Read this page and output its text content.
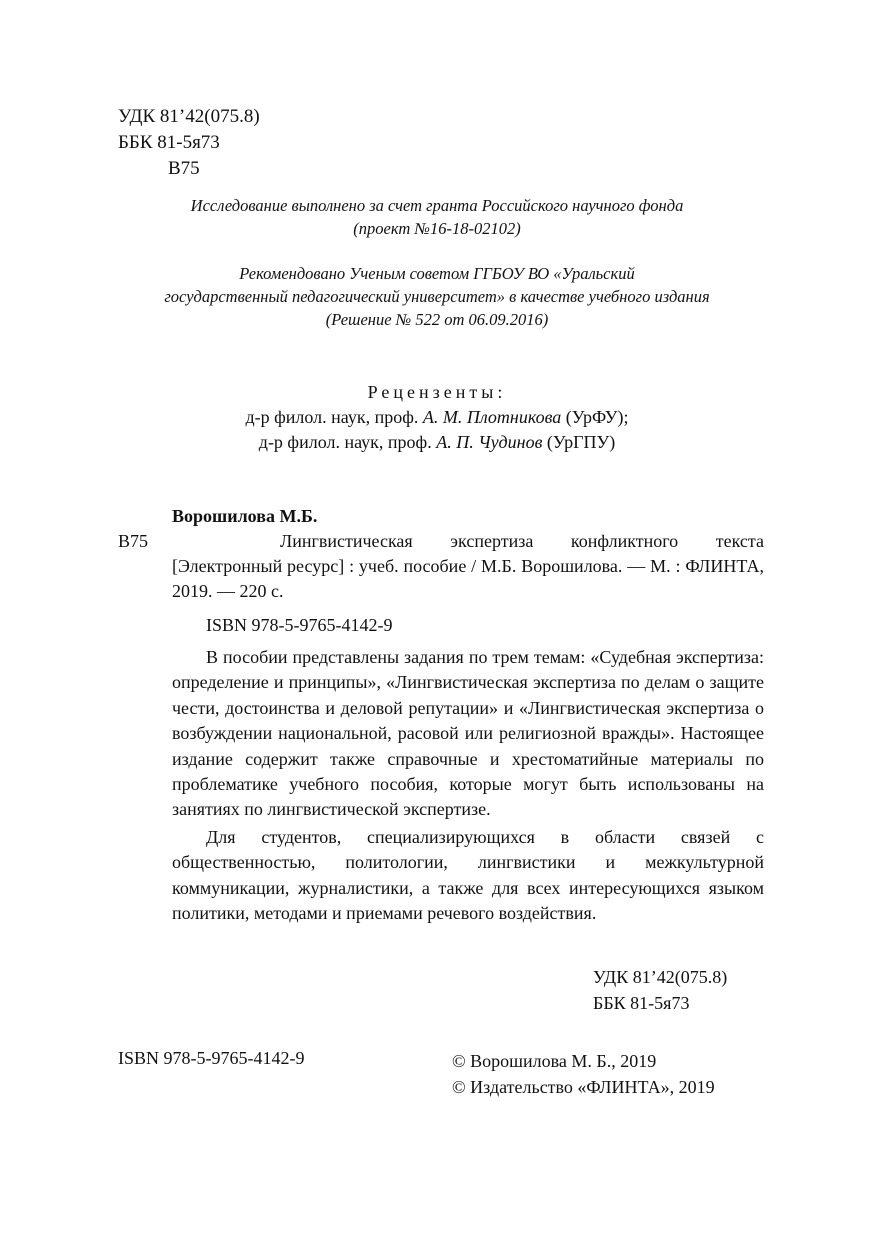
УДК 81’42(075.8)
ББК 81-5я73
В75
Исследование выполнено за счет гранта Российского научного фонда
(проект №16-18-02102)
Рекомендовано Ученым советом ГГБОУ ВО «Уральский
государственный педагогический университет» в качестве учебного издания
(Решение № 522 от 06.09.2016)
Рецензенты:
д-р филол. наук, проф. А. М. Плотникова (УрФУ);
д-р филол. наук, проф. А. П. Чудинов (УрГПУ)
Ворошилова М.Б.
В75	Лингвистическая экспертиза конфликтного текста [Электронный ресурс] : учеб. пособие / М.Б. Ворошилова. — М. : ФЛИНТА, 2019. — 220 с.

ISBN 978-5-9765-4142-9

В пособии представлены задания по трем темам: «Судебная экспертиза: определение и принципы», «Лингвистическая экспертиза по делам о защите чести, достоинства и деловой репутации» и «Лингвистическая экспертиза о возбуждении национальной, расовой или религиозной вражды». Настоящее издание содержит также справочные и хрестоматийные материалы по проблематике учебного пособия, которые могут быть использованы на занятиях по лингвистической экспертизе.

Для студентов, специализирующихся в области связей с общественностью, политологии, лингвистики и межкультурной коммуникации, журналистики, а также для всех интересующихся языком политики, методами и приемами речевого воздействия.

УДК 81’42(075.8)
ББК 81-5я73
ISBN 978-5-9765-4142-9	© Ворошилова М. Б., 2019
© Издательство «ФЛИНТА», 2019
